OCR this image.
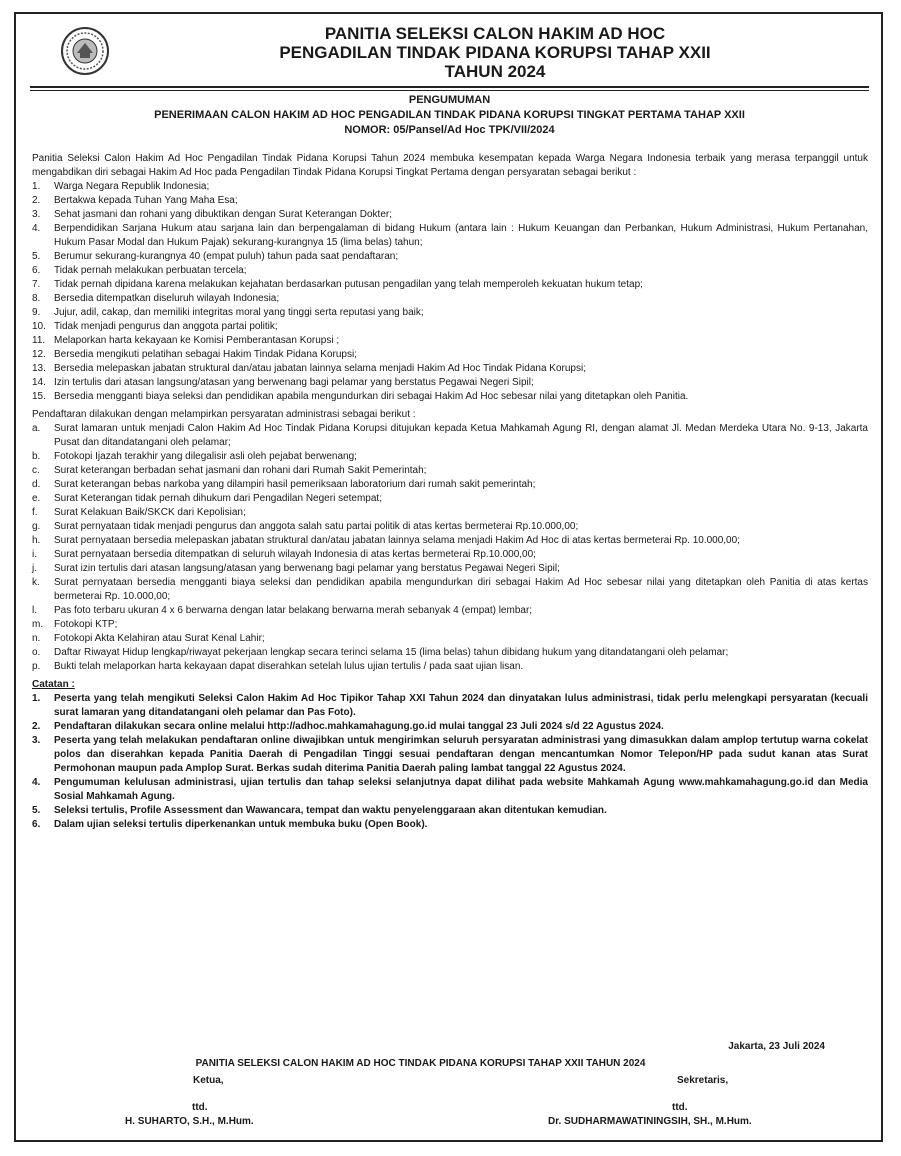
PANITIA SELEKSI CALON HAKIM AD HOC
PENGADILAN TINDAK PIDANA KORUPSI TAHAP XXII
TAHUN 2024
PENGUMUMAN
PENERIMAAN CALON HAKIM AD HOC PENGADILAN TINDAK PIDANA KORUPSI TINGKAT PERTAMA TAHAP XXII
NOMOR: 05/Pansel/Ad Hoc TPK/VII/2024

Panitia Seleksi Calon Hakim Ad Hoc Pengadilan Tindak Pidana Korupsi Tahun 2024 membuka kesempatan kepada Warga Negara Indonesia terbaik yang merasa terpanggil untuk mengabdikan diri sebagai Hakim Ad Hoc pada Pengadilan Tindak Pidana Korupsi Tingkat Pertama dengan persyaratan sebagai berikut :

1.	Warga Negara Republik Indonesia;
2.	Bertakwa kepada Tuhan Yang Maha Esa;
3.	Sehat jasmani dan rohani yang dibuktikan dengan Surat Keterangan Dokter;
4.	Berpendidikan Sarjana Hukum atau sarjana lain dan berpengalaman di bidang Hukum (antara lain : Hukum Keuangan dan Perbankan, Hukum Administrasi, Hukum Pertanahan, Hukum Pasar Modal dan Hukum Pajak) sekurang-kurangnya 15 (lima belas) tahun;
5.	Berumur sekurang-kurangnya 40 (empat puluh) tahun pada saat pendaftaran;
6.	Tidak pernah melakukan perbuatan tercela;
7.	Tidak pernah dipidana karena melakukan kejahatan berdasarkan putusan pengadilan yang telah memperoleh kekuatan hukum tetap;
8.	Bersedia ditempatkan diseluruh wilayah Indonesia;
9.	Jujur, adil, cakap, dan memiliki integritas moral yang tinggi serta reputasi yang baik;
10. Tidak menjadi pengurus dan anggota partai politik;
11. Melaporkan harta kekayaan ke Komisi Pemberantasan Korupsi ;
12. Bersedia mengikuti pelatihan sebagai Hakim Tindak Pidana Korupsi;
13. Bersedia melepaskan jabatan struktural dan/atau jabatan lainnya selama menjadi Hakim Ad Hoc Tindak Pidana Korupsi;
14. Izin tertulis dari atasan langsung/atasan yang berwenang bagi pelamar yang berstatus Pegawai Negeri Sipil;
15. Bersedia mengganti biaya seleksi dan pendidikan apabila mengundurkan diri sebagai Hakim Ad Hoc sebesar nilai yang ditetapkan oleh Panitia.

Pendaftaran dilakukan dengan melampirkan persyaratan administrasi sebagai berikut :

a.	Surat lamaran untuk menjadi Calon Hakim Ad Hoc Tindak Pidana Korupsi ditujukan kepada Ketua Mahkamah Agung RI, dengan alamat Jl. Medan Merdeka Utara No. 9-13, Jakarta Pusat dan ditandatangani oleh pelamar;
b.	Fotokopi Ijazah terakhir yang dilegalisir asli oleh pejabat berwenang;
c.	Surat keterangan berbadan sehat jasmani dan rohani dari Rumah Sakit Pemerintah;
d.	Surat keterangan bebas narkoba yang dilampiri hasil pemeriksaan laboratorium dari rumah sakit pemerintah;
e.	Surat Keterangan tidak pernah dihukum dari Pengadilan Negeri setempat;
f.	Surat Kelakuan Baik/SKCK dari Kepolisian;
g.	Surat pernyataan tidak menjadi pengurus dan anggota salah satu partai politik di atas kertas bermeterai Rp.10.000,00;
h.	Surat pernyataan bersedia melepaskan jabatan struktural dan/atau jabatan lainnya selama menjadi Hakim Ad Hoc di atas kertas bermeterai Rp. 10.000,00;
i.	Surat pernyataan bersedia ditempatkan di seluruh wilayah Indonesia di atas kertas bermeterai Rp.10.000,00;
j.	Surat izin tertulis dari atasan langsung/atasan yang berwenang bagi pelamar yang berstatus Pegawai Negeri Sipil;
k.	Surat pernyataan bersedia mengganti biaya seleksi dan pendidikan apabila mengundurkan diri sebagai Hakim Ad Hoc sebesar nilai yang ditetapkan oleh Panitia di atas kertas bermeterai Rp. 10.000,00;
l.	Pas foto terbaru ukuran 4 x 6 berwarna dengan latar belakang berwarna merah sebanyak 4 (empat) lembar;
m.	Fotokopi KTP;
n.	Fotokopi Akta Kelahiran atau Surat Kenal Lahir;
o.	Daftar Riwayat Hidup lengkap/riwayat pekerjaan lengkap secara terinci selama 15 (lima belas) tahun dibidang hukum yang ditandatangani oleh pelamar;
p.	Bukti telah melaporkan harta kekayaan dapat diserahkan setelah lulus ujian tertulis / pada saat ujian lisan.

Catatan :

1.	Peserta yang telah mengikuti Seleksi Calon Hakim Ad Hoc Tipikor Tahap XXI Tahun 2024 dan dinyatakan lulus administrasi, tidak perlu melengkapi persyaratan (kecuali surat lamaran yang ditandatangani oleh pelamar dan Pas Foto).
2.	Pendaftaran dilakukan secara online melalui http://adhoc.mahkamahagung.go.id mulai tanggal 23 Juli 2024 s/d 22 Agustus 2024.
3.	Peserta yang telah melakukan pendaftaran online diwajibkan untuk mengirimkan seluruh persyaratan administrasi yang dimasukkan dalam amplop tertutup warna cokelat polos dan diserahkan kepada Panitia Daerah di Pengadilan Tinggi sesuai pendaftaran dengan mencantumkan Nomor Telepon/HP pada sudut kanan atas Surat Permohonan maupun pada Amplop Surat. Berkas sudah diterima Panitia Daerah paling lambat tanggal 22 Agustus 2024.
4.	Pengumuman kelulusan administrasi, ujian tertulis dan tahap seleksi selanjutnya dapat dilihat pada website Mahkamah Agung www.mahkamahagung.go.id dan Media Sosial Mahkamah Agung.
5.	Seleksi tertulis, Profile Assessment dan Wawancara, tempat dan waktu penyelenggaraan akan ditentukan kemudian.
6.	Dalam ujian seleksi tertulis diperkenankan untuk membuka buku (Open Book).
Jakarta, 23 Juli 2024
PANITIA SELEKSI CALON HAKIM AD HOC TINDAK PIDANA KORUPSI TAHAP XXII TAHUN 2024
Ketua,	Sekretaris,
ttd.	ttd.
H. SUHARTO, S.H., M.Hum.	Dr. SUDHARMAWATININGSIH, SH., M.Hum.
